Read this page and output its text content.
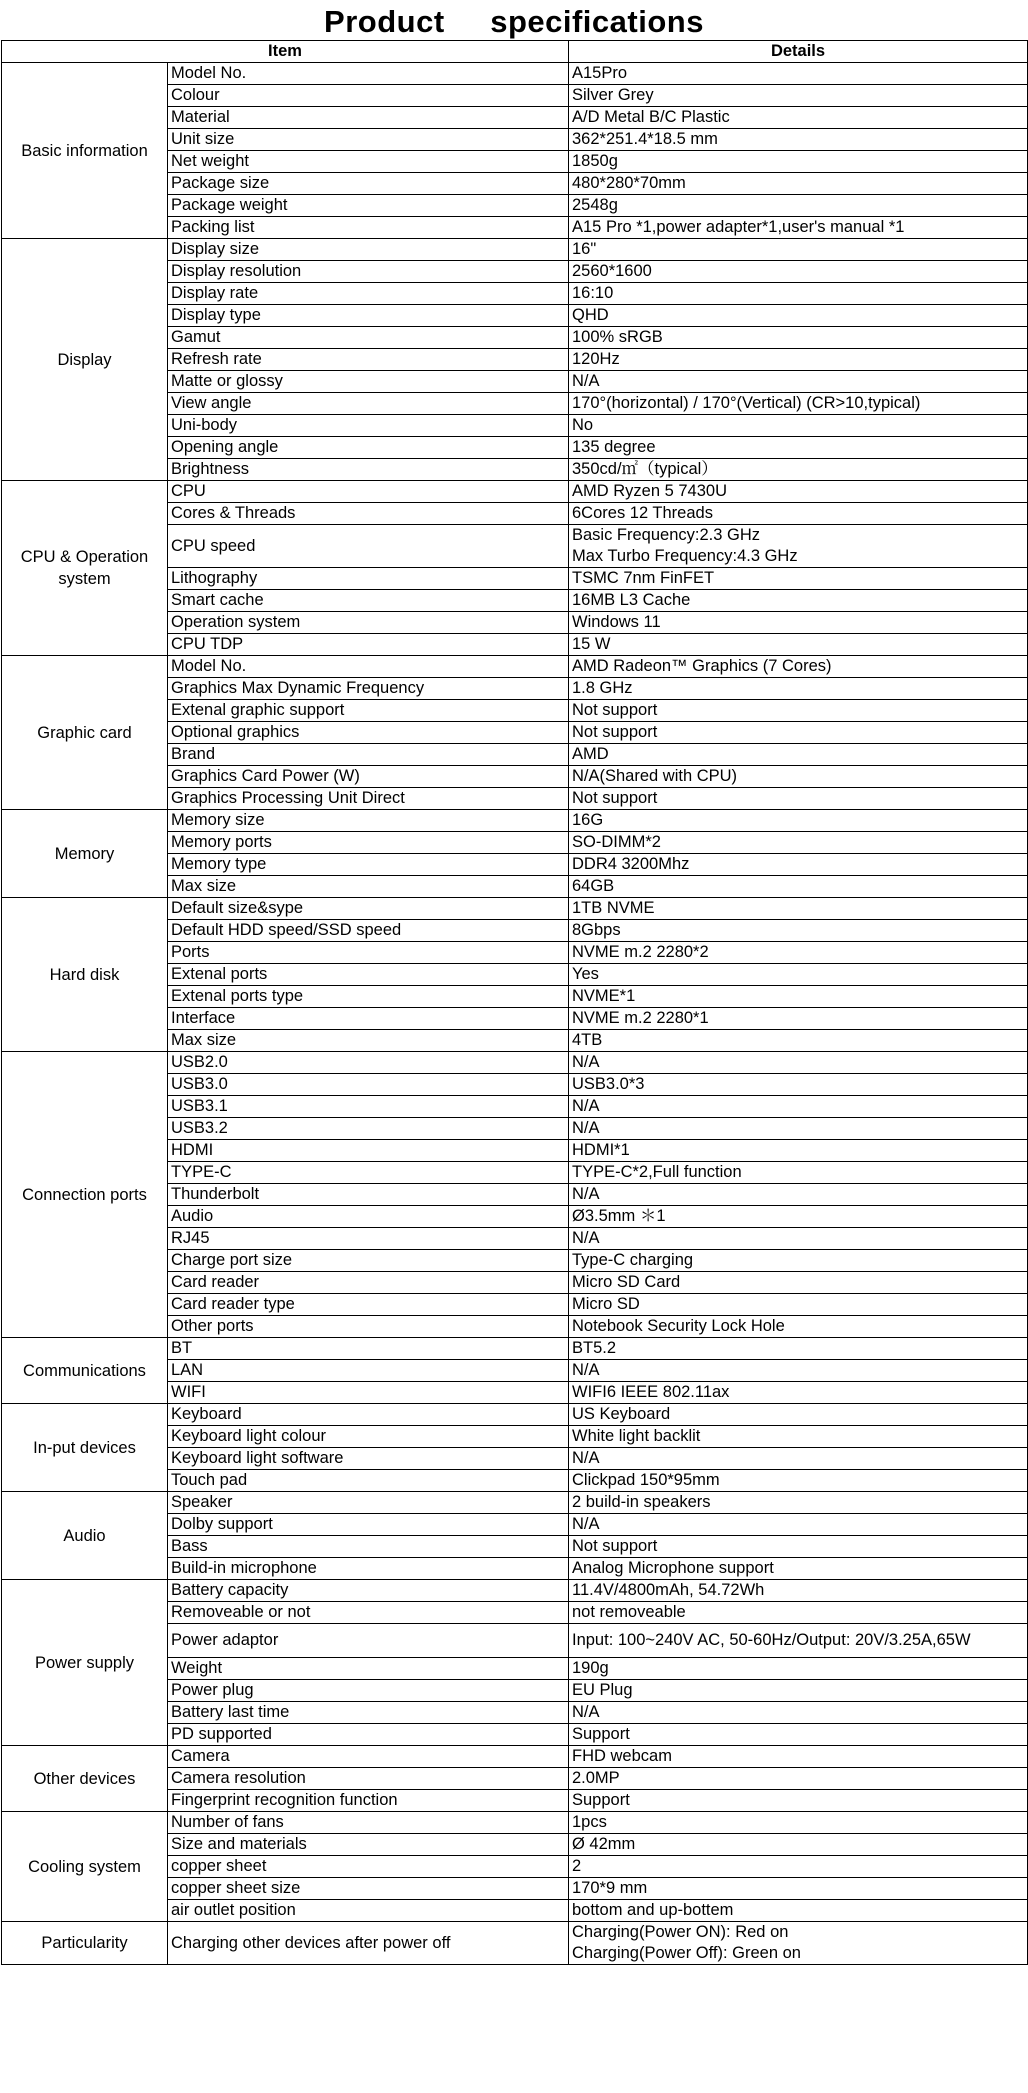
Product     specifications
Item		Details
Basic information	Model No.	A15Pro
	Colour	Silver Grey
	Material	A/D Metal B/C Plastic
	Unit size	362*251.4*18.5 mm
	Net weight	1850g
	Package size	480*280*70mm
	Package weight	2548g
	Packing list	A15 Pro *1,power adapter*1,user's manual *1
Display	Display size	16"
	Display resolution	2560*1600
	Display rate	16:10
	Display type	QHD
	Gamut	100% sRGB
	Refresh rate	120Hz
	Matte or glossy	N/A
	View angle	170°(horizontal) / 170°(Vertical) (CR>10,typical)
	Uni-body	No
	Opening angle	135 degree
	Brightness	350cd/㎡（typical）
CPU & Operation system	CPU	AMD Ryzen 5 7430U
	Cores & Threads	6Cores 12 Threads
	CPU speed	Basic Frequency:2.3 GHz
Max Turbo Frequency:4.3 GHz

	Lithography	TSMC 7nm FinFET
	Smart cache	16MB L3 Cache
	Operation system	Windows 11
	CPU TDP	15 W
Graphic card	Model No.	AMD Radeon™ Graphics (7 Cores)
	Graphics Max Dynamic Frequency	1.8 GHz
	Extenal graphic support	Not support
	Optional graphics	Not support
	Brand	AMD
	Graphics Card Power (W)	N/A(Shared with CPU)
	Graphics Processing Unit Direct	Not support
Memory	Memory size	16G
	Memory ports	SO-DIMM*2
	Memory type	DDR4 3200Mhz
	Max size	64GB
Hard disk	Default size&sype	1TB NVME
	Default HDD speed/SSD speed	8Gbps
	Ports	NVME m.2 2280*2
	Extenal ports	Yes
	Extenal ports type	NVME*1
	Interface	NVME m.2 2280*1
	Max size	4TB
Connection ports	USB2.0	N/A
	USB3.0	USB3.0*3
	USB3.1	N/A
	USB3.2	N/A
	HDMI	HDMI*1
	TYPE-C	TYPE-C*2,Full function
	Thunderbolt	N/A
	Audio	Ø3.5mm ＊1
	RJ45	N/A
	Charge port size	Type-C charging
	Card reader	Micro SD Card
	Card reader type	Micro SD
	Other ports	Notebook Security Lock Hole
Communications	BT	BT5.2
	LAN	N/A
	WIFI	WIFI6 IEEE 802.11ax
In-put devices	Keyboard	US Keyboard
	Keyboard light colour	White light backlit
	Keyboard light software	N/A
	Touch pad	Clickpad 150*95mm
Audio	Speaker	2 build-in speakers
	Dolby support	N/A
	Bass	Not support
	Build-in microphone	Analog Microphone support
Power supply	Battery capacity	11.4V/4800mAh, 54.72Wh
	Removeable or not	not removeable
	Power adaptor	Input: 100~240V AC, 50-60Hz/Output: 20V/3.25A,65W
	Weight	190g
	Power plug	EU Plug
	Battery last time	N/A
	PD supported	Support
Other devices	Camera	FHD webcam
	Camera resolution	2.0MP
	Fingerprint recognition function	Support
Cooling system	Number of fans	1pcs
	Size and materials	Ø 42mm
	copper sheet	2
	copper sheet size	170*9 mm
	air outlet position	bottom and up-bottem
Particularity	Charging other devices after power off	Charging(Power ON): Red on
Charging(Power Off): Green on
